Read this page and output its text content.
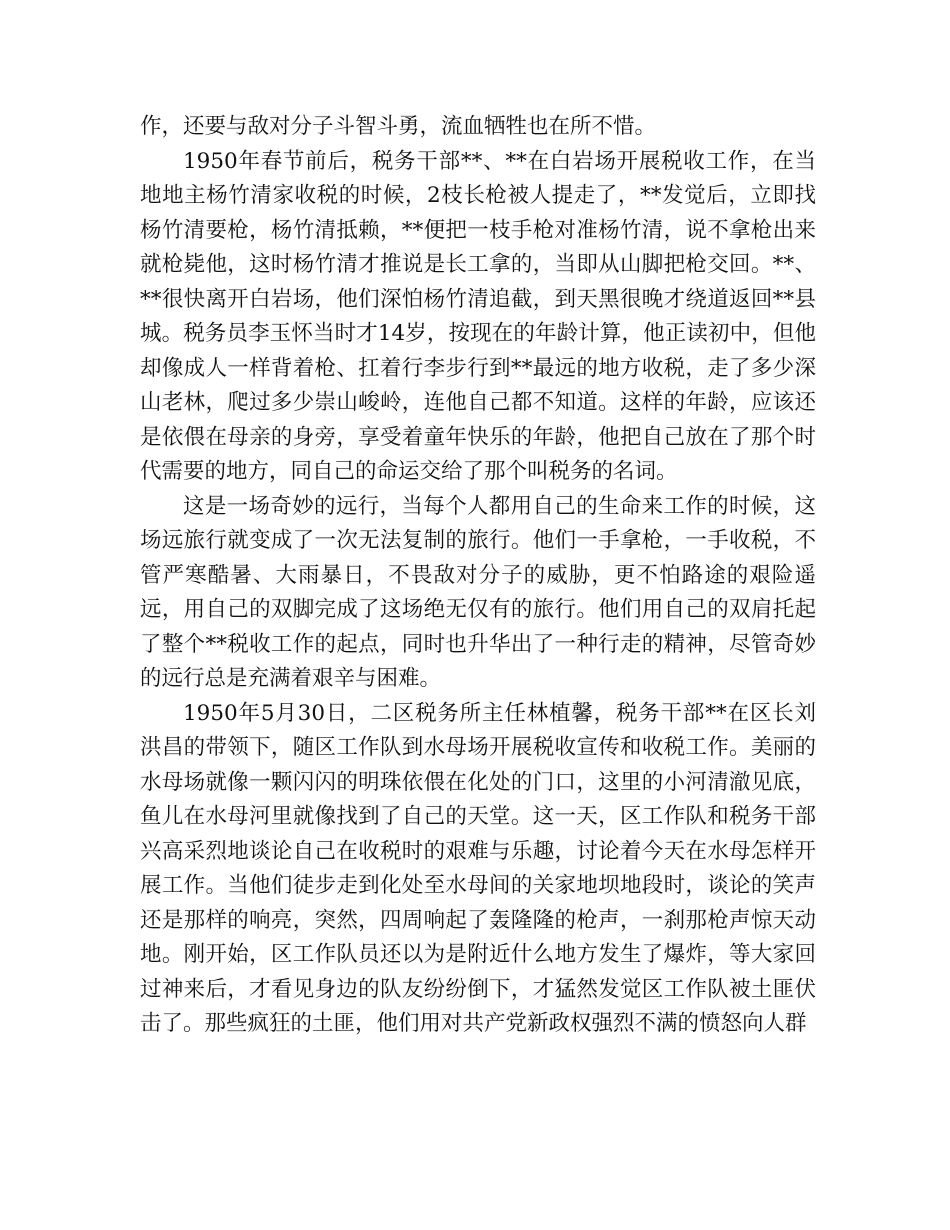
作，还要与敌对分子斗智斗勇，流血牺牲也在所不惜。

1950年春节前后，税务干部**、**在白岩场开展税收工作，在当地地主杨竹清家收税的时候，2枝长枪被人提走了，**发觉后，立即找杨竹清要枪，杨竹清抵赖，**便把一枝手枪对准杨竹清，说不拿枪出来就枪毙他，这时杨竹清才推说是长工拿的，当即从山脚把枪交回。**、**很快离开白岩场，他们深怕杨竹清追截，到天黑很晚才绕道返回**县城。税务员李玉怀当时才14岁，按现在的年龄计算，他正读初中，但他却像成人一样背着枪、扛着行李步行到**最远的地方收税，走了多少深山老林，爬过多少崇山峻岭，连他自己都不知道。这样的年龄，应该还是依偎在母亲的身旁，享受着童年快乐的年龄，他把自己放在了那个时代需要的地方，同自己的命运交给了那个叫税务的名词。

这是一场奇妙的远行，当每个人都用自己的生命来工作的时候，这场远旅行就变成了一次无法复制的旅行。他们一手拿枪，一手收税，不管严寒酷暑、大雨暴日，不畏敌对分子的威胁，更不怕路途的艰险遥远，用自己的双脚完成了这场绝无仅有的旅行。他们用自己的双肩托起了整个**税收工作的起点，同时也升华出了一种行走的精神，尽管奇妙的远行总是充满着艰辛与困难。

1950年5月30日，二区税务所主任林植馨，税务干部**在区长刘洪昌的带领下，随区工作队到水母场开展税收宣传和收税工作。美丽的水母场就像一颗闪闪的明珠依偎在化处的门口，这里的小河清澈见底，鱼儿在水母河里就像找到了自己的天堂。这一天，区工作队和税务干部兴高采烈地谈论自己在收税时的艰难与乐趣，讨论着今天在水母怎样开展工作。当他们徒步走到化处至水母间的关家地坝地段时，谈论的笑声还是那样的响亮，突然，四周响起了轰隆隆的枪声，一刹那枪声惊天动地。刚开始，区工作队员还以为是附近什么地方发生了爆炸，等大家回过神来后，才看见身边的队友纷纷倒下，才猛然发觉区工作队被土匪伏击了。那些疯狂的土匪，他们用对共产党新政权强烈不满的愤怒向人群
